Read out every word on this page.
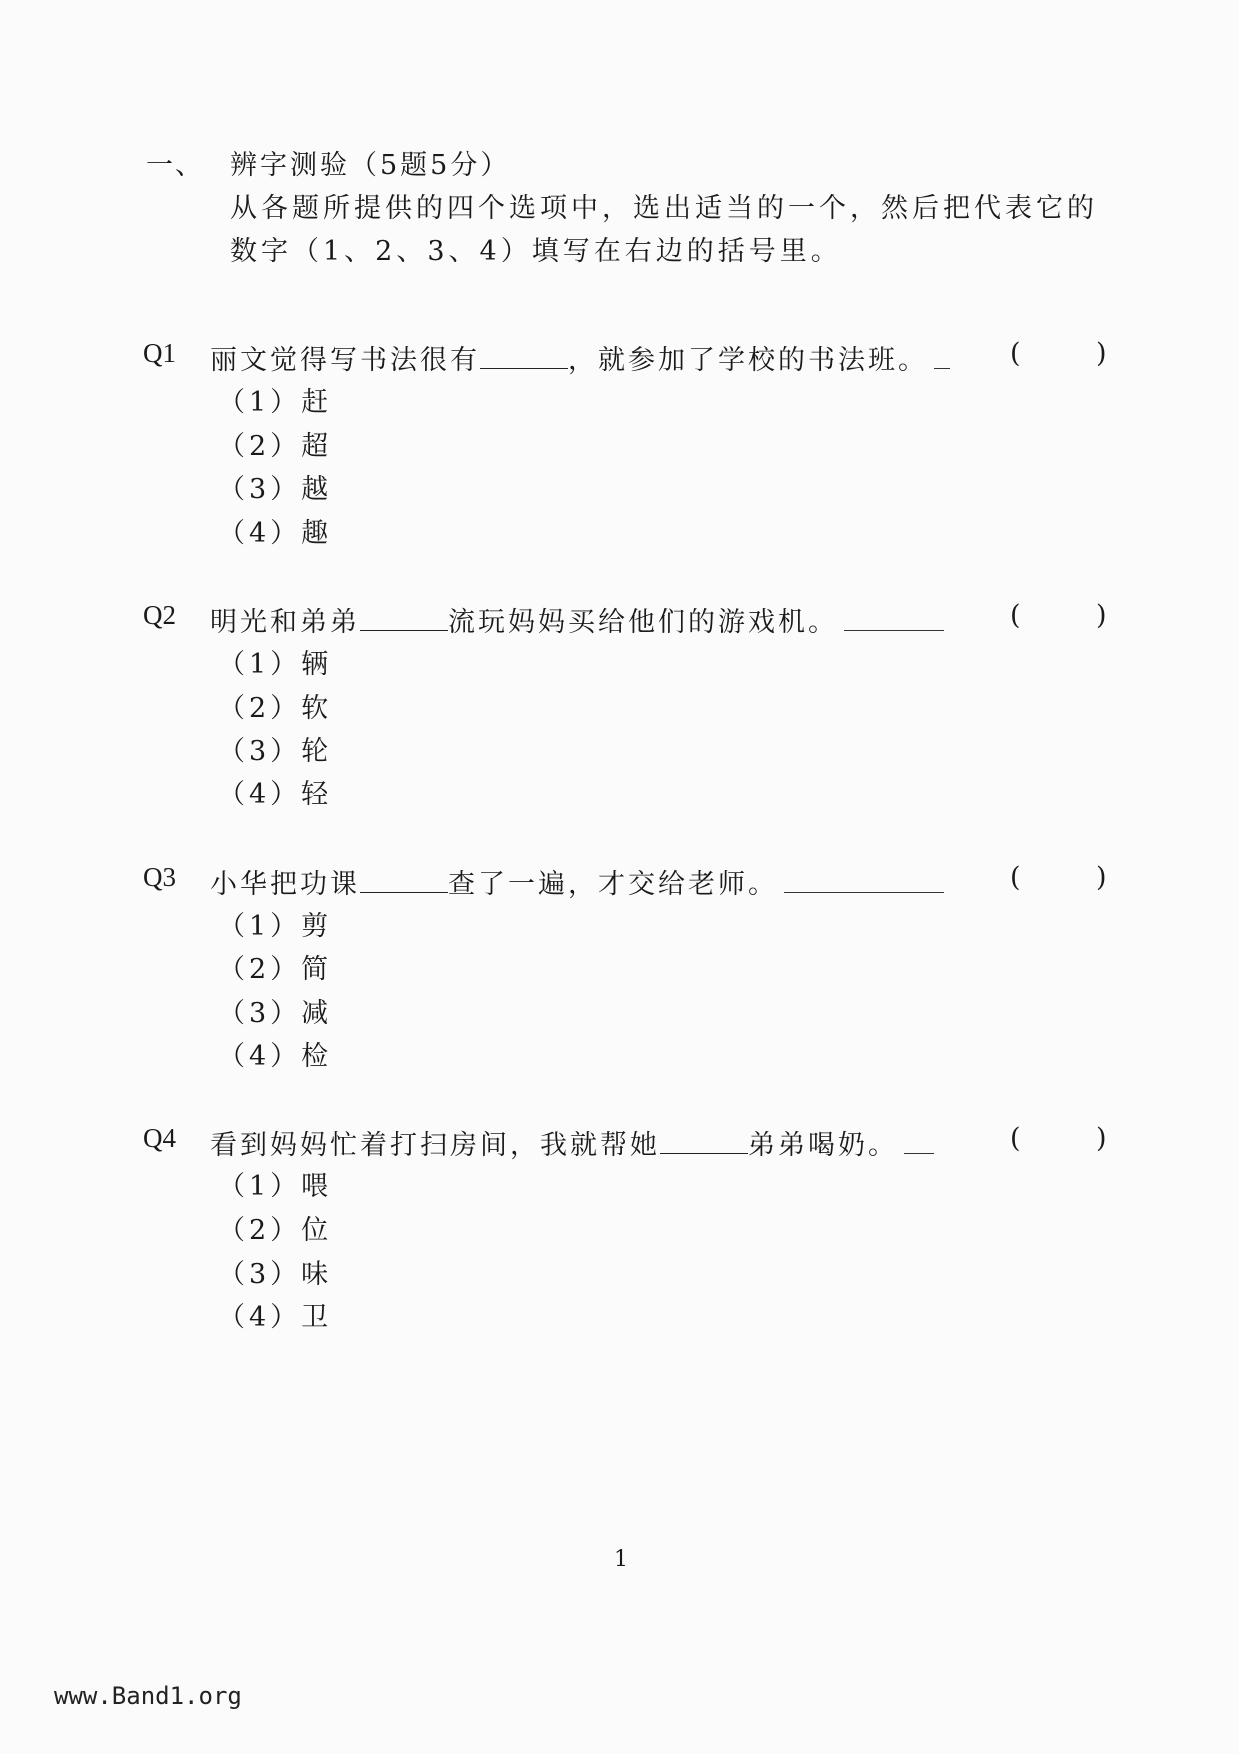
一、 辨字测验（5题5分）
从各题所提供的四个选项中，选出适当的一个，然后把代表它的
数字（1、2、3、4）填写在右边的括号里。
Q1 丽文觉得写书法很有	，就参加了学校的书法班。	(	)
（1）赶
（2）超
（3）越
（4）趣
Q2 明光和弟弟	流玩妈妈买给他们的游戏机。	(	)
（1）辆
（2）软
（3）轮
（4）轻
Q3 小华把功课	查了一遍，才交给老师。	(	)
（1）剪
（2）简
（3）减
（4）检
Q4 看到妈妈忙着打扫房间，我就帮她	弟弟喝奶。	(	)
（1）喂
（2）位
（3）味
（4）卫
1
www.Band1.org
